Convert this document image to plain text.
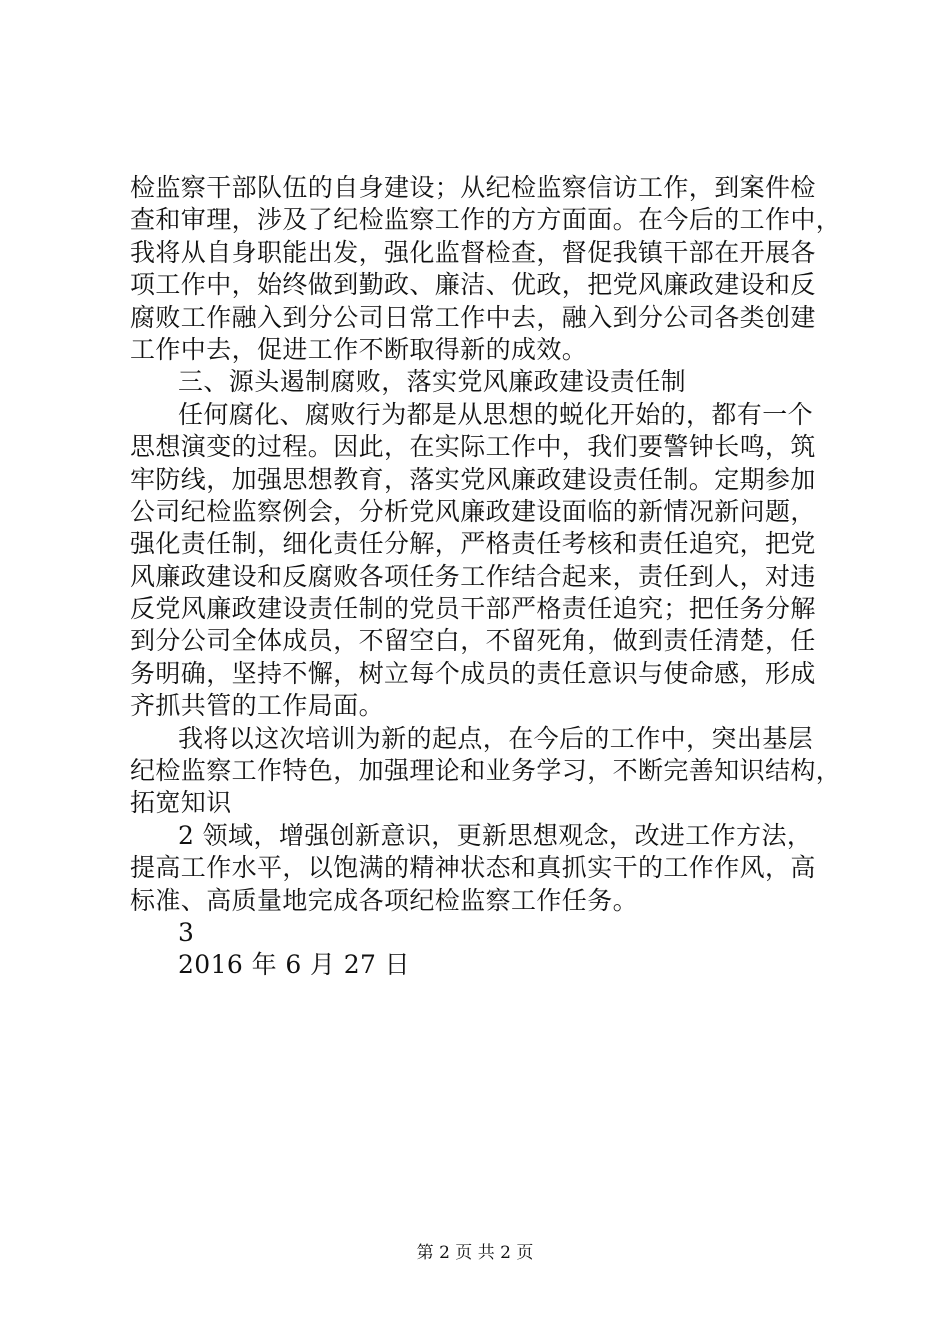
检监察干部队伍的自身建设；从纪检监察信访工作，到案件检
查和审理，涉及了纪检监察工作的方方面面。在今后的工作中，
我将从自身职能出发，强化监督检查，督促我镇干部在开展各
项工作中，始终做到勤政、廉洁、优政，把党风廉政建设和反
腐败工作融入到分公司日常工作中去，融入到分公司各类创建
工作中去，促进工作不断取得新的成效。
三、源头遏制腐败，落实党风廉政建设责任制
任何腐化、腐败行为都是从思想的蜕化开始的，都有一个
思想演变的过程。因此，在实际工作中，我们要警钟长鸣，筑
牢防线，加强思想教育，落实党风廉政建设责任制。定期参加
公司纪检监察例会，分析党风廉政建设面临的新情况新问题，
强化责任制，细化责任分解，严格责任考核和责任追究，把党
风廉政建设和反腐败各项任务工作结合起来，责任到人，对违
反党风廉政建设责任制的党员干部严格责任追究；把任务分解
到分公司全体成员，不留空白，不留死角，做到责任清楚，任
务明确，坚持不懈，树立每个成员的责任意识与使命感，形成
齐抓共管的工作局面。
我将以这次培训为新的起点，在今后的工作中，突出基层
纪检监察工作特色，加强理论和业务学习，不断完善知识结构，
拓宽知识
2 领域，增强创新意识，更新思想观念，改进工作方法，
提高工作水平，以饱满的精神状态和真抓实干的工作作风，高
标准、高质量地完成各项纪检监察工作任务。
3
2016 年 6 月 27 日
第 2 页 共 2 页
